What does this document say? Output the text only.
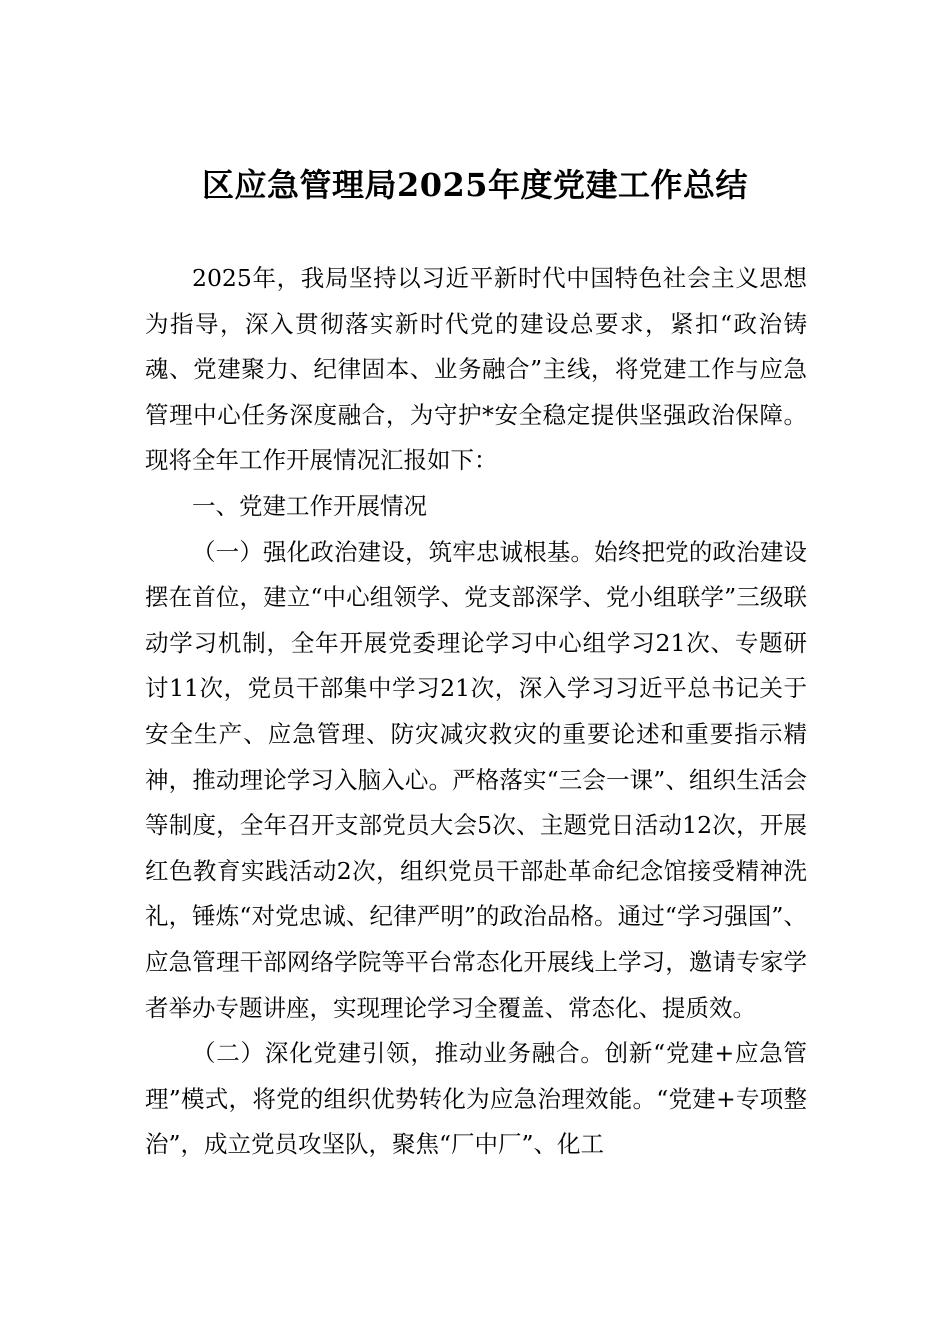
区应急管理局2025年度党建工作总结

2025年，我局坚持以习近平新时代中国特色社会主义思想为指导，深入贯彻落实新时代党的建设总要求，紧扣“政治铸魂、党建聚力、纪律固本、业务融合”主线，将党建工作与应急管理中心任务深度融合，为守护*安全稳定提供坚强政治保障。现将全年工作开展情况汇报如下：

一、党建工作开展情况

（一）强化政治建设，筑牢忠诚根基。始终把党的政治建设摆在首位，建立“中心组领学、党支部深学、党小组联学”三级联动学习机制，全年开展党委理论学习中心组学习21次、专题研讨11次，党员干部集中学习21次，深入学习习近平总书记关于安全生产、应急管理、防灾减灾救灾的重要论述和重要指示精神，推动理论学习入脑入心。严格落实“三会一课”、组织生活会等制度，全年召开支部党员大会5次、主题党日活动12次，开展红色教育实践活动2次，组织党员干部赴革命纪念馆接受精神洗礼，锤炼“对党忠诚、纪律严明”的政治品格。通过“学习强国”、应急管理干部网络学院等平台常态化开展线上学习，邀请专家学者举办专题讲座，实现理论学习全覆盖、常态化、提质效。

（二）深化党建引领，推动业务融合。创新“党建+应急管理”模式，将党的组织优势转化为应急治理效能。“党建+专项整治”，成立党员攻坚队，聚焦“厂中厂”、化工
